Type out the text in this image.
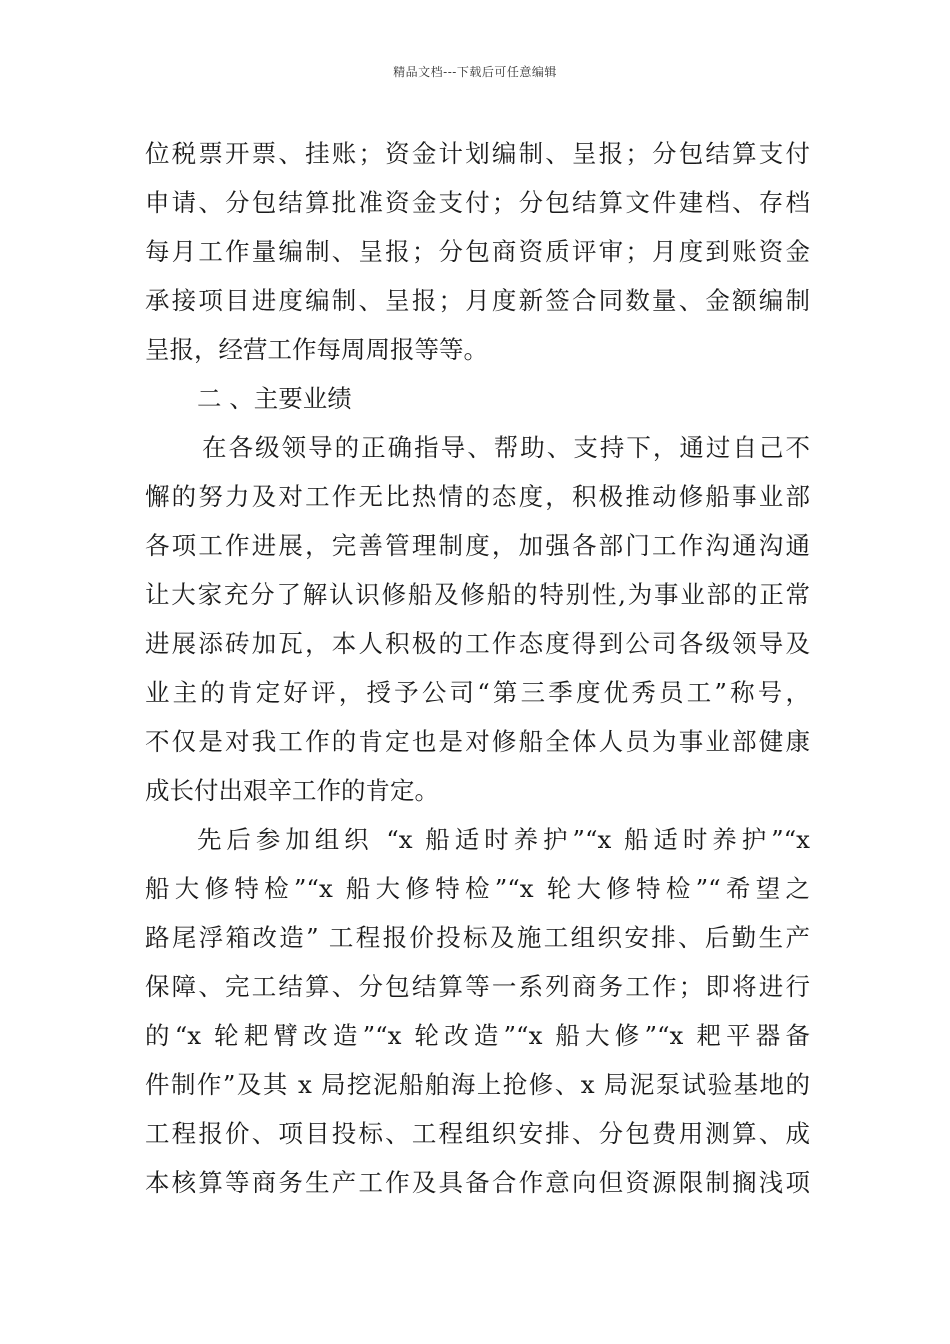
精品文档---下载后可任意编辑
位税票开票、挂账；资金计划编制、呈报；分包结算支付
申请、分包结算批准资金支付；分包结算文件建档、存档
每月工作量编制、呈报；分包商资质评审；月度到账资金
承接项目进度编制、呈报；月度新签合同数量、金额编制
呈报，经营工作每周周报等等。
二 、主要业绩
在各级领导的正确指导、帮助、支持下，通过自己不
懈的努力及对工作无比热情的态度，积极推动修船事业部
各项工作进展，完善管理制度，加强各部门工作沟通沟通
让大家充分了解认识修船及修船的特别性,为事业部的正常
进展添砖加瓦，本人积极的工作态度得到公司各级领导及
业主的肯定好评，授予公司“第三季度优秀员工”称号，
不仅是对我工作的肯定也是对修船全体人员为事业部健康
成长付出艰辛工作的肯定。
先后参加组织 “x 船适时养护”“x 船适时养护”“x
船大修特检”“x 船大修特检”“x 轮大修特检”“希望之
路尾浮箱改造” 工程报价投标及施工组织安排、后勤生产
保障、完工结算、分包结算等一系列商务工作；即将进行
的“x 轮耙臂改造”“x 轮改造”“x 船大修”“x 耙平器备
件制作”及其 x 局挖泥船舶海上抢修、x 局泥泵试验基地的
工程报价、项目投标、工程组织安排、分包费用测算、成
本核算等商务生产工作及具备合作意向但资源限制搁浅项
